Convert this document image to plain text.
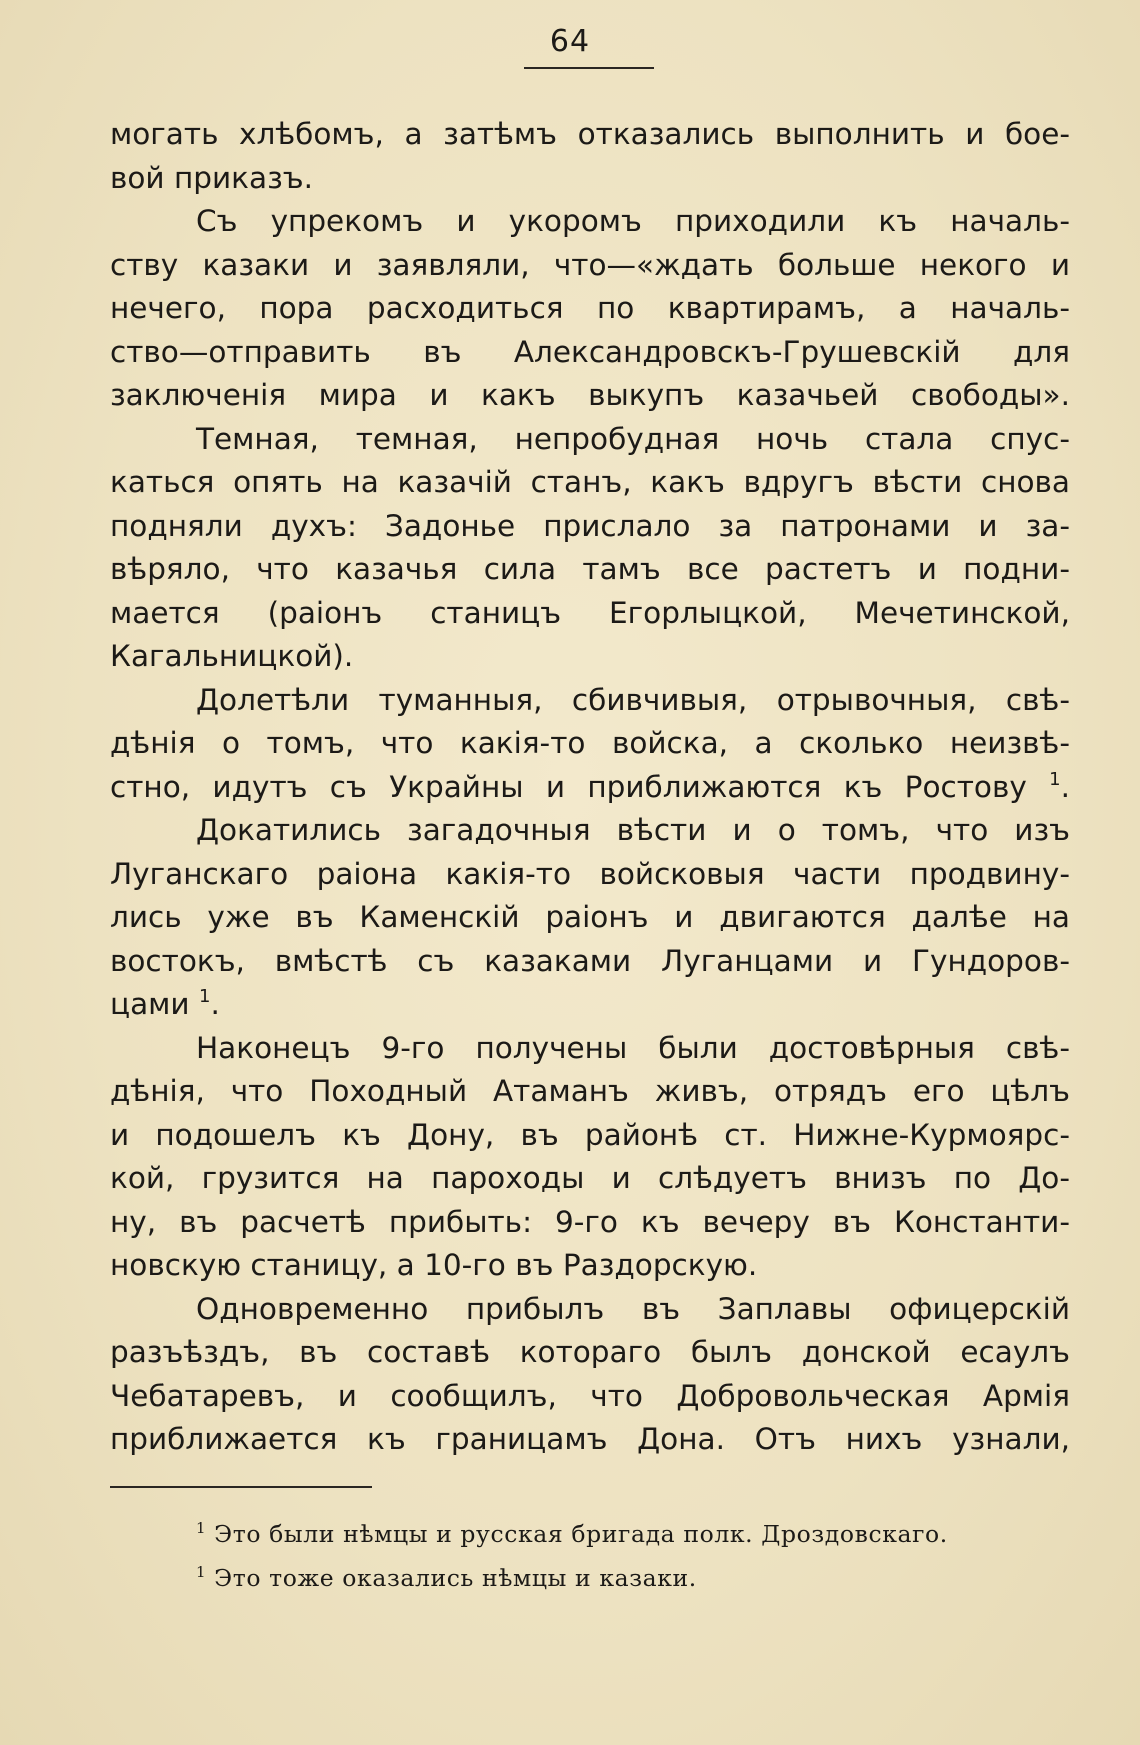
64
могать хлѣбомъ, а затѣмъ отказались выполнить и бое-
вой приказъ.
Съ упрекомъ и укоромъ приходили къ началь-
ству казаки и заявляли, что—«ждать больше некого и
нечего, пора расходиться по квартирамъ, а началь-
ство—отправить въ Александровскъ-Грушевскій для
заключенія мира и какъ выкупъ казачьей свободы».
Темная, темная, непробудная ночь стала спус-
каться опять на казачій станъ, какъ вдругъ вѣсти снова
подняли духъ: Задонье прислало за патронами и за-
вѣряло, что казачья сила тамъ все растетъ и подни-
мается (раіонъ станицъ Егорлыцкой, Мечетинской,
Кагальницкой).
Долетѣли туманныя, сбивчивыя, отрывочныя, свѣ-
дѣнія о томъ, что какія-то войска, а сколько неизвѣ-
стно, идутъ съ Украйны и приближаются къ Ростову $^1$.
Докатились загадочныя вѣсти и о томъ, что изъ
Луганскаго раіона какія-то войсковыя части продвину-
лись уже въ Каменскій раіонъ и двигаются далѣе на
востокъ, вмѣстѣ съ казаками Луганцами и Гундоров-
цами $^1$.
Наконецъ 9-го получены были достовѣрныя свѣ-
дѣнія, что Походный Атаманъ живъ, отрядъ его цѣлъ
и подошелъ къ Дону, въ районѣ ст. Нижне-Курмоярс-
кой, грузится на пароходы и слѣдуетъ внизъ по До-
ну, въ расчетѣ прибыть: 9-го къ вечеру въ Константи-
новскую станицу, а 10-го въ Раздорскую.
Одновременно прибылъ въ Заплавы офицерскій
разъѣздъ, въ составѣ котораго былъ донской есаулъ
Чебатаревъ, и сообщилъ, что Добровольческая Армія
приближается къ границамъ Дона. Отъ нихъ узнали,
$^1$ Это были нѣмцы и русская бригада полк. Дроздовскаго.
$^1$ Это тоже оказались нѣмцы и казаки.
